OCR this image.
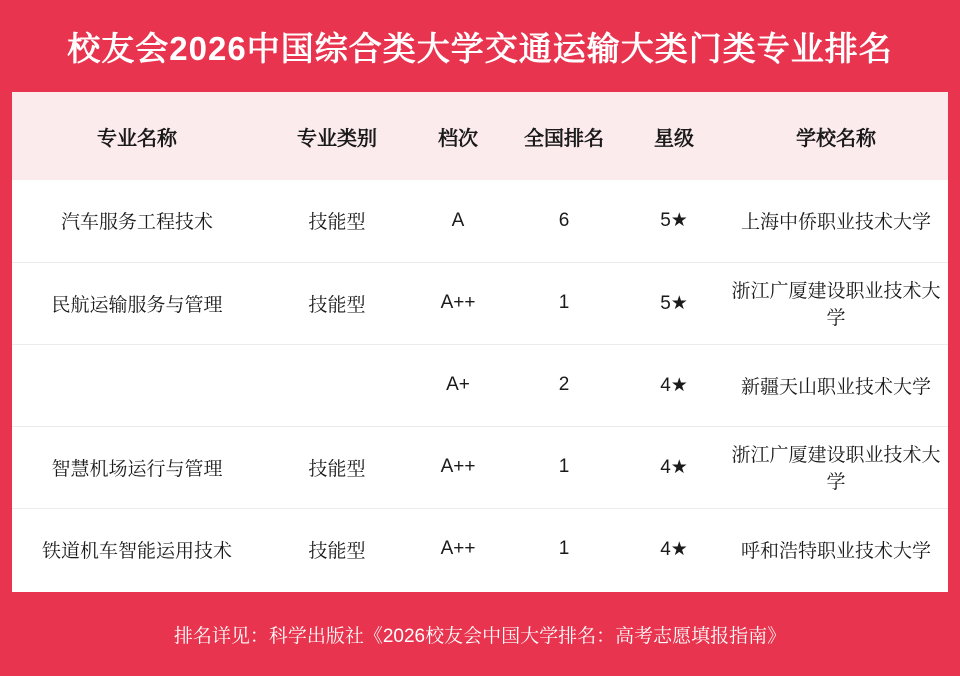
校友会2026中国综合类大学交通运输大类门类专业排名
专业名称	专业类别	档次	全国排名	星级	学校名称
汽车服务工程技术	技能型	A	6	5★	上海中侨职业技术大学
民航运输服务与管理	技能型	A++	1	5★	浙江广厦建设职业技术大学
		A+	2	4★	新疆天山职业技术大学
智慧机场运行与管理	技能型	A++	1	4★	浙江广厦建设职业技术大学
铁道机车智能运用技术	技能型	A++	1	4★	呼和浩特职业技术大学
排名详见：科学出版社《2026校友会中国大学排名：高考志愿填报指南》
